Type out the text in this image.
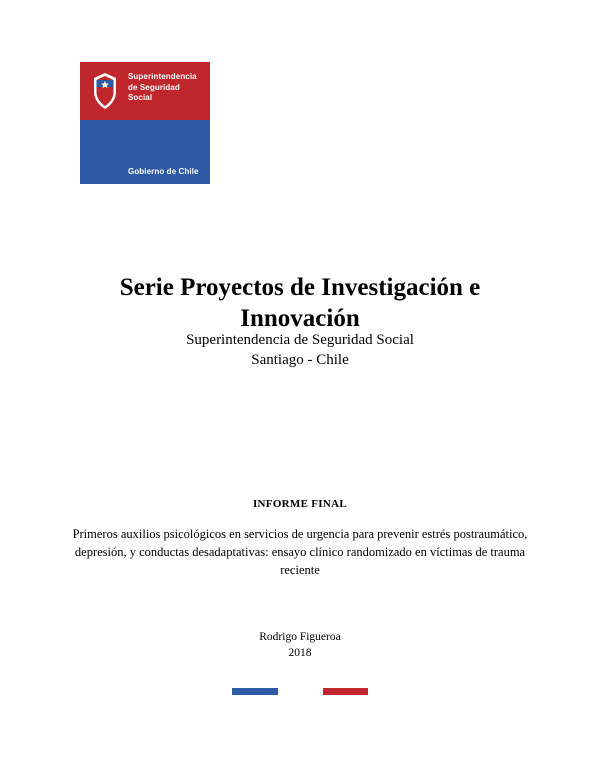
Superintendencia de Seguridad Social
Gobierno de Chile
Serie Proyectos de Investigación e Innovación
Superintendencia de Seguridad Social
Santiago - Chile
INFORME FINAL
Primeros auxilios psicológicos en servicios de urgencia para prevenir estrés postraumático, depresión, y conductas desadaptativas: ensayo clínico randomizado en víctimas de trauma reciente
Rodrigo Figueroa
2018
